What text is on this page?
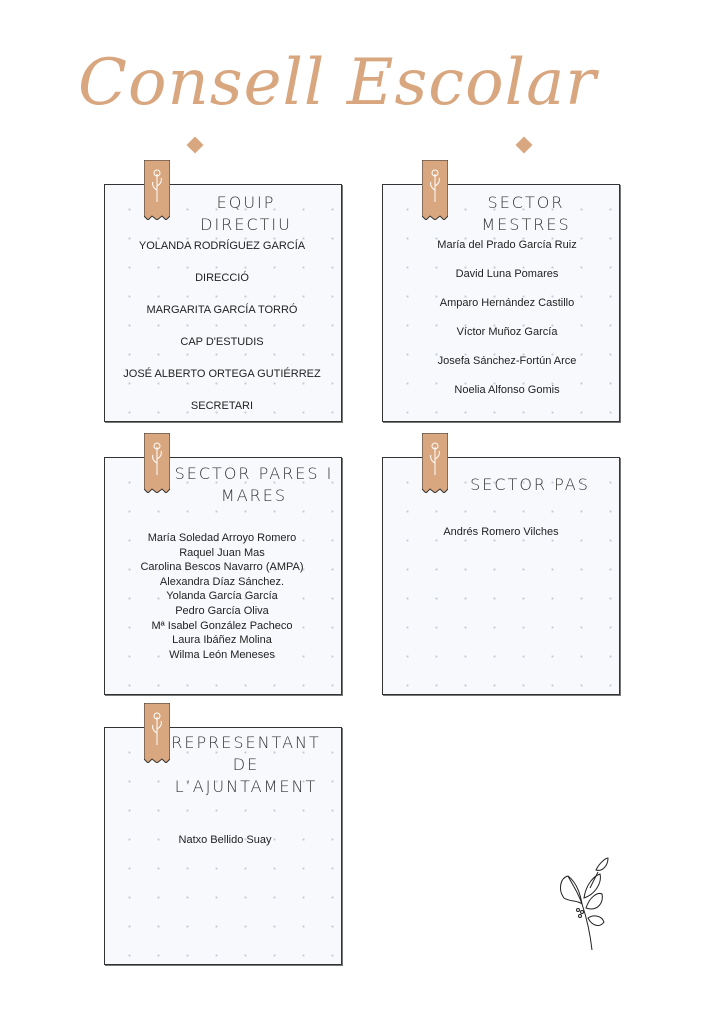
Consell Escolar
EQUIP
DIRECTIU
YOLANDA RODRÍGUEZ GARCÍA
DIRECCIÓ
MARGARITA GARCÍA TORRÓ
CAP D'ESTUDIS
JOSÉ ALBERTO ORTEGA GUTIÉRREZ
SECRETARI
SECTOR
MESTRES
María del Prado García Ruiz
David Luna Pomares
Amparo Hernández Castillo
Víctor Muñoz García
Josefa Sánchez-Fortún Arce
Noelia Alfonso Gomis
SECTOR PARES I
MARES
María Soledad Arroyo Romero
Raquel Juan Mas
Carolina Bescos Navarro (AMPA)
Alexandra Díaz Sánchez.
Yolanda García García
Pedro García Oliva
Mª Isabel González Pacheco
Laura Ibáñez Molina
Wilma León Meneses
SECTOR PAS
Andrés Romero Vilches
REPRESENTANT
DE
L’AJUNTAMENT
Natxo Bellido Suay
